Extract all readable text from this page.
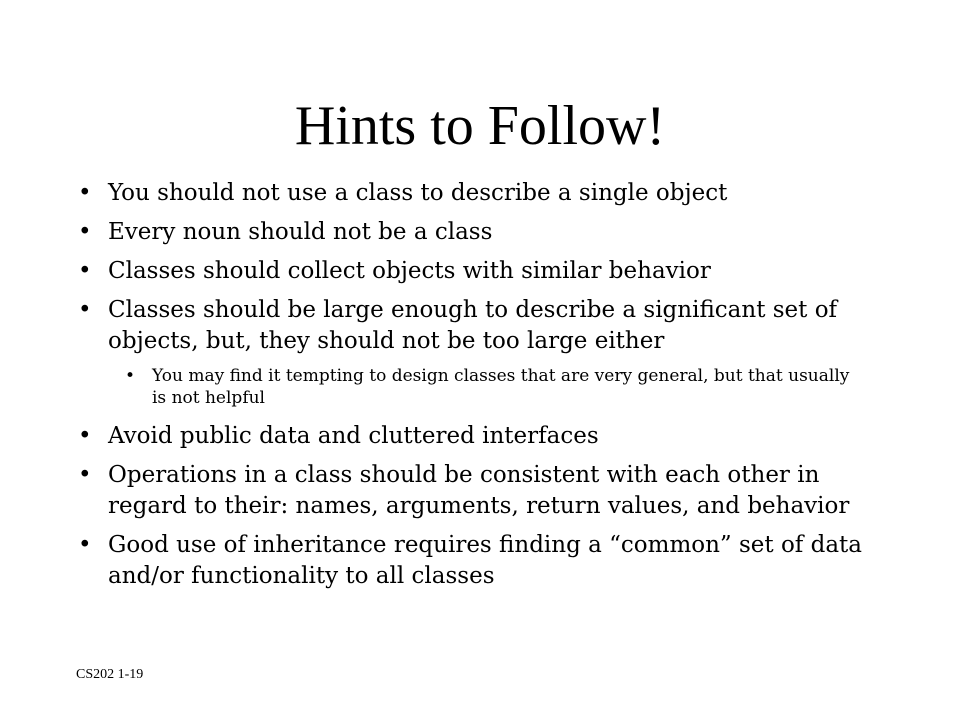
Hints to Follow!
• You should not use a class to describe a single object
• Every noun should not be a class
• Classes should collect objects with similar behavior
• Classes should be large enough to describe a significant set of objects, but, they should not be too large either
• You may find it tempting to design classes that are very general, but that usually is not helpful
• Avoid public data and cluttered interfaces
• Operations in a class should be consistent with each other in regard to their: names, arguments, return values, and behavior
• Good use of inheritance requires finding a “common” set of data and/or functionality to all classes
CS202 1-19
